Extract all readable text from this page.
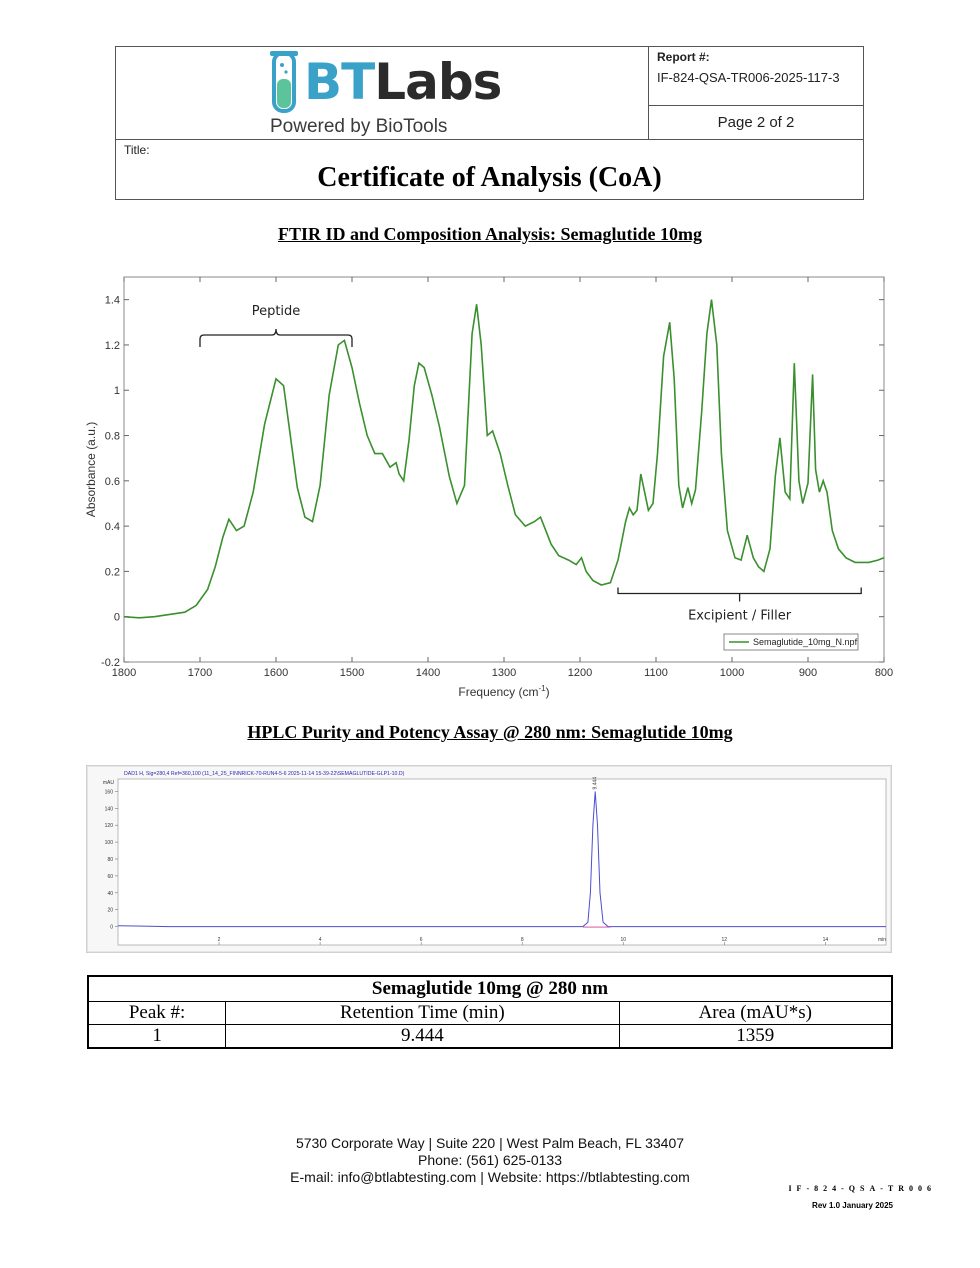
BTLabs
Powered by BioTools
Report #:
IF-824-QSA-TR006-2025-117-3
Page 2 of 2
Title:
Certificate of Analysis (CoA)
FTIR ID and Composition Analysis: Semaglutide 10mg
1800	1700	1600	1500	1400	1300	1200	1100	1000	900	800
-0.2
0
0.2
0.4
0.6
0.8
1
1.2
1.4
Frequency $(cm^{-1})$
Absorbance (a.u.)
Peptide
Excipient / Filler
Semaglutide_10mg_N.npf
HPLC Purity and Potency Assay @ 280 nm: Semaglutide 10mg
DAD1 H, Sig=280,4 Ref=360,100 (11_14_25_FINNRICK-70-RUN4-5-6 2025-11-14 15-39-22\SEMAGLUTIDE-GLP1-10.D)
mAU
0
20
40
60
80
100
120
140
160
2	4	6	8	10	12	14	min
9.444
Semaglutide 10mg @ 280 nm		
Peak #:	Retention Time (min)	Area (mAU*s)
1	9.444	1359
5730 Corporate Way | Suite 220 | West Palm Beach, FL 33407
Phone: (561) 625-0133
E-mail: info@btlabtesting.com | Website: https://btlabtesting.com
IF-824-QSA-TR006
Rev 1.0 January 2025
